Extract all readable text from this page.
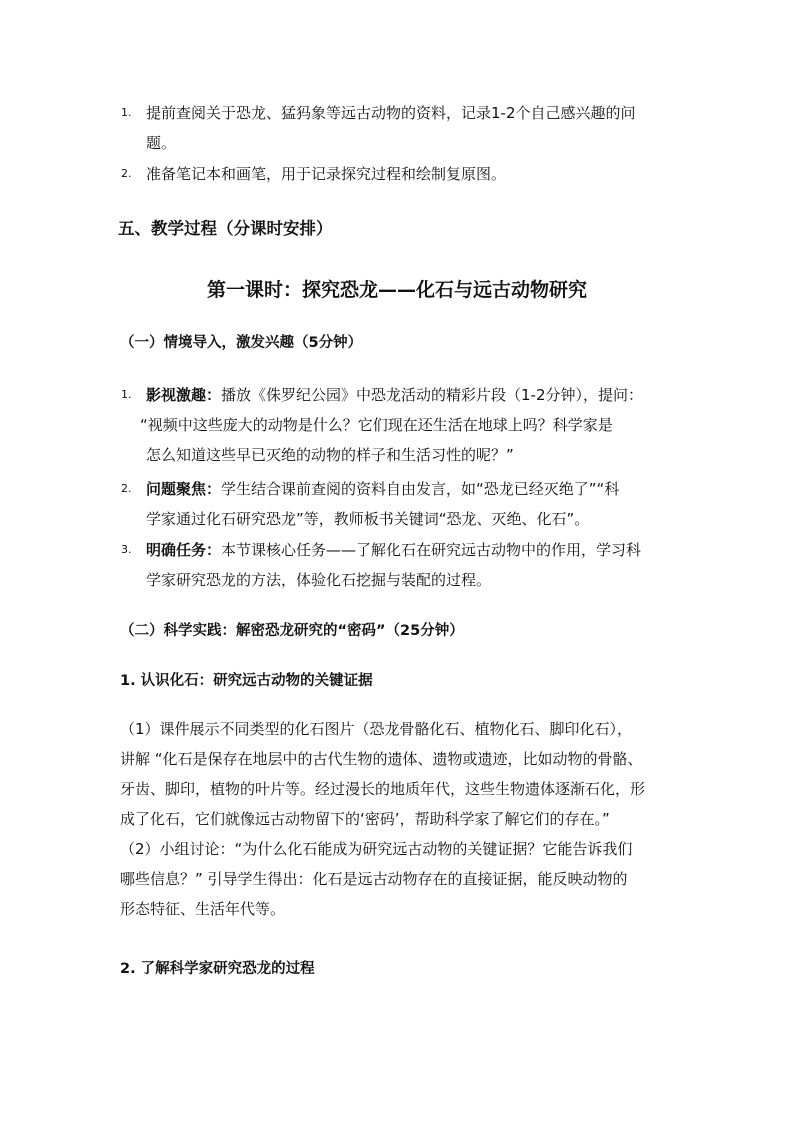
1. 提前查阅关于恐龙、猛犸象等远古动物的资料，记录1-2个自己感兴趣的问
题。
2. 准备笔记本和画笔，用于记录探究过程和绘制复原图。
五、教学过程（分课时安排）
第一课时：探究恐龙——化石与远古动物研究
（一）情境导入，激发兴趣（5分钟）
1. 影视激趣：播放《侏罗纪公园》中恐龙活动的精彩片段（1-2分钟），提问：
“视频中这些庞大的动物是什么？它们现在还生活在地球上吗？科学家是
怎么知道这些早已灭绝的动物的样子和生活习性的呢？”
2. 问题聚焦：学生结合课前查阅的资料自由发言，如“恐龙已经灭绝了”“科
学家通过化石研究恐龙”等，教师板书关键词“恐龙、灭绝、化石”。
3. 明确任务：本节课核心任务——了解化石在研究远古动物中的作用，学习科
学家研究恐龙的方法，体验化石挖掘与装配的过程。
（二）科学实践：解密恐龙研究的“密码”（25分钟）
1. 认识化石：研究远古动物的关键证据
（1）课件展示不同类型的化石图片（恐龙骨骼化石、植物化石、脚印化石），
讲解 “化石是保存在地层中的古代生物的遗体、遗物或遗迹，比如动物的骨骼、
牙齿、脚印，植物的叶片等。经过漫长的地质年代，这些生物遗体逐渐石化，形
成了化石，它们就像远古动物留下的‘密码’，帮助科学家了解它们的存在。”
（2）小组讨论：“为什么化石能成为研究远古动物的关键证据？它能告诉我们
哪些信息？” 引导学生得出：化石是远古动物存在的直接证据，能反映动物的
形态特征、生活年代等。
2. 了解科学家研究恐龙的过程
